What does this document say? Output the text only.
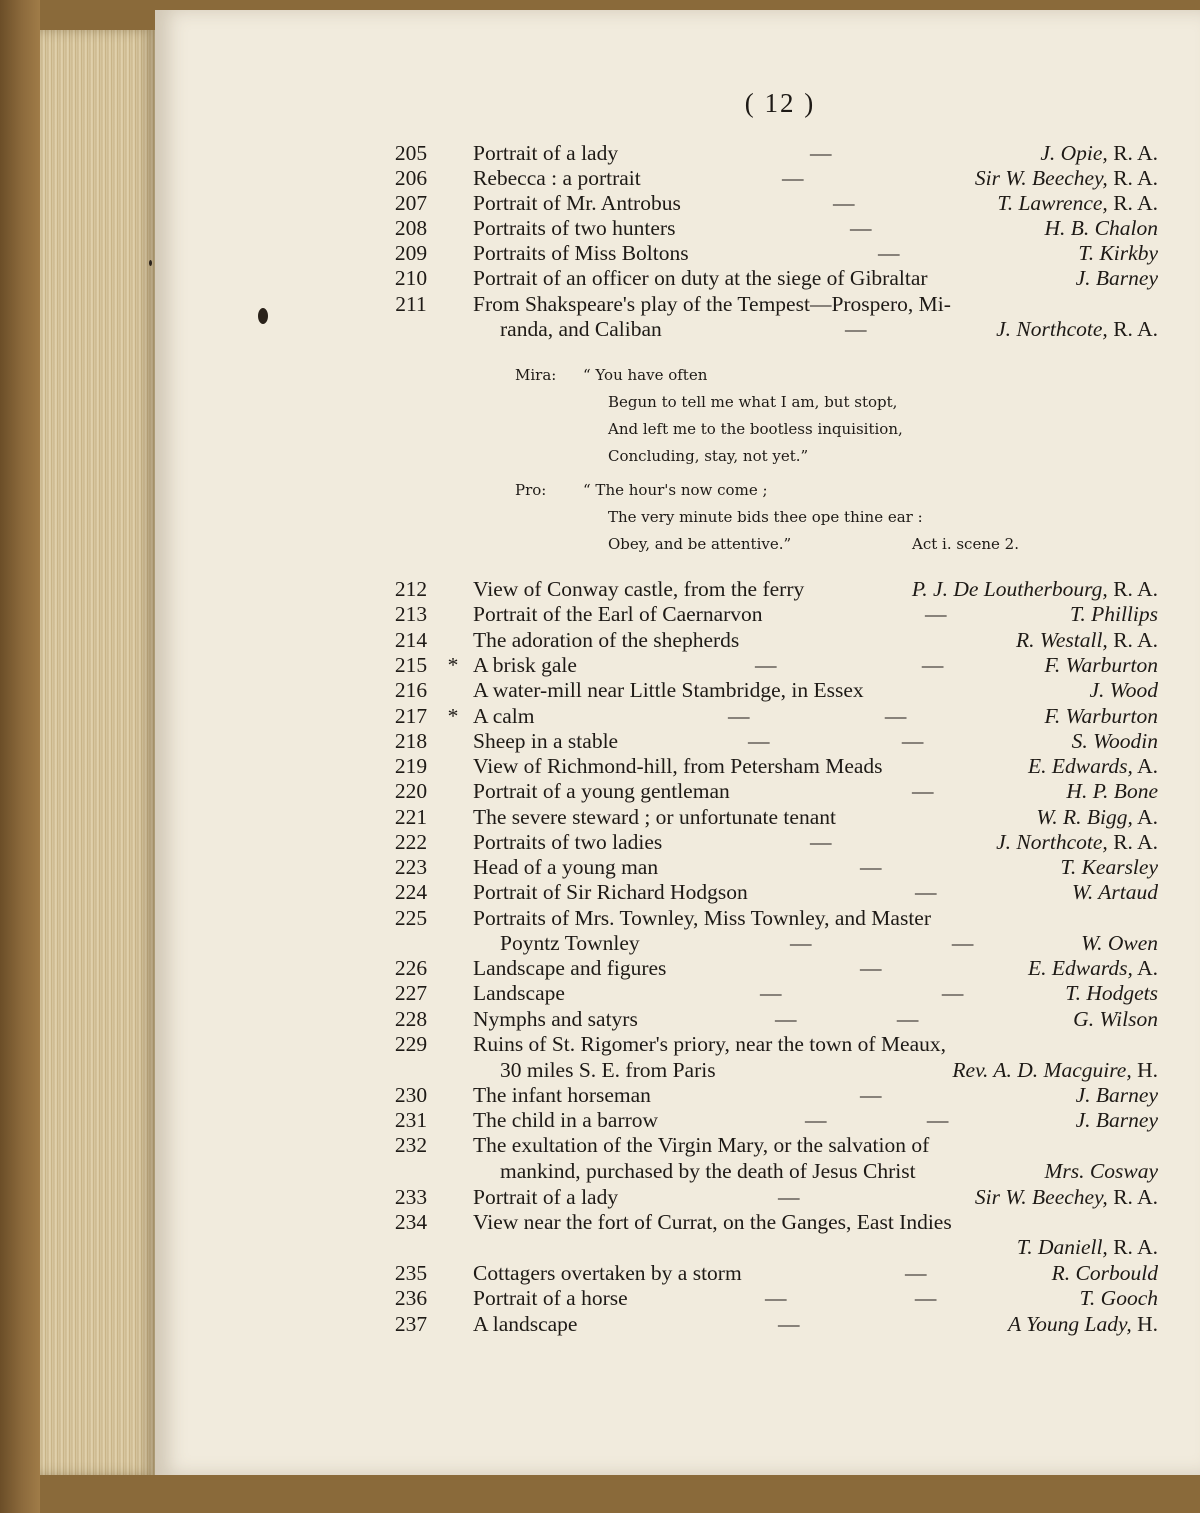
( 12 )
205	Portrait of a lady	—	J. Opie, R. A.
206	Rebecca : a portrait	—	Sir W. Beechey, R. A.
207	Portrait of Mr. Antrobus	—	T. Lawrence, R. A.
208	Portraits of two hunters	—	H. B. Chalon
209	Portraits of Miss Boltons	—	T. Kirkby
210	Portrait of an officer on duty at the siege of Gibraltar	J. Barney
211	From Shakspeare's play of the Tempest—Prospero, Mi-
randa, and Caliban	—	J. Northcote, R. A.
Mira: “ You have often
Begun to tell me what I am, but stopt,
And left me to the bootless inquisition,
Concluding, stay, not yet.”
Pro: “ The hour's now come ;
The very minute bids thee ope thine ear :
Obey, and be attentive.”	Act i. scene 2.
212	View of Conway castle, from the ferry	P. J. De Loutherbourg, R. A.
213	Portrait of the Earl of Caernarvon	—	T. Phillips
214	The adoration of the shepherds	R. Westall, R. A.
215 * A brisk gale	— —	F. Warburton
216	A water-mill near Little Stambridge, in Essex	J. Wood
217 * A calm	— —	F. Warburton
218	Sheep in a stable	— —	S. Woodin
219	View of Richmond-hill, from Petersham Meads	E. Edwards, A.
220	Portrait of a young gentleman	—	H. P. Bone
221	The severe steward ; or unfortunate tenant	W. R. Bigg, A.
222	Portraits of two ladies	—	J. Northcote, R. A.
223	Head of a young man	—	T. Kearsley
224	Portrait of Sir Richard Hodgson	—	W. Artaud
225	Portraits of Mrs. Townley, Miss Townley, and Master
Poyntz Townley	— —	W. Owen
226	Landscape and figures	—	E. Edwards, A.
227	Landscape	— —	T. Hodgets
228	Nymphs and satyrs	— —	G. Wilson
229	Ruins of St. Rigomer's priory, near the town of Meaux,
30 miles S. E. from Paris	Rev. A. D. Macguire, H.
230	The infant horseman	—	J. Barney
231	The child in a barrow	— —	J. Barney
232	The exultation of the Virgin Mary, or the salvation of
mankind, purchased by the death of Jesus Christ	Mrs. Cosway
233	Portrait of a lady	—	Sir W. Beechey, R. A.
234	View near the fort of Currat, on the Ganges, East Indies
T. Daniell, R. A.
235	Cottagers overtaken by a storm	—	R. Corbould
236	Portrait of a horse	— —	T. Gooch
237	A landscape	—	A Young Lady, H.
